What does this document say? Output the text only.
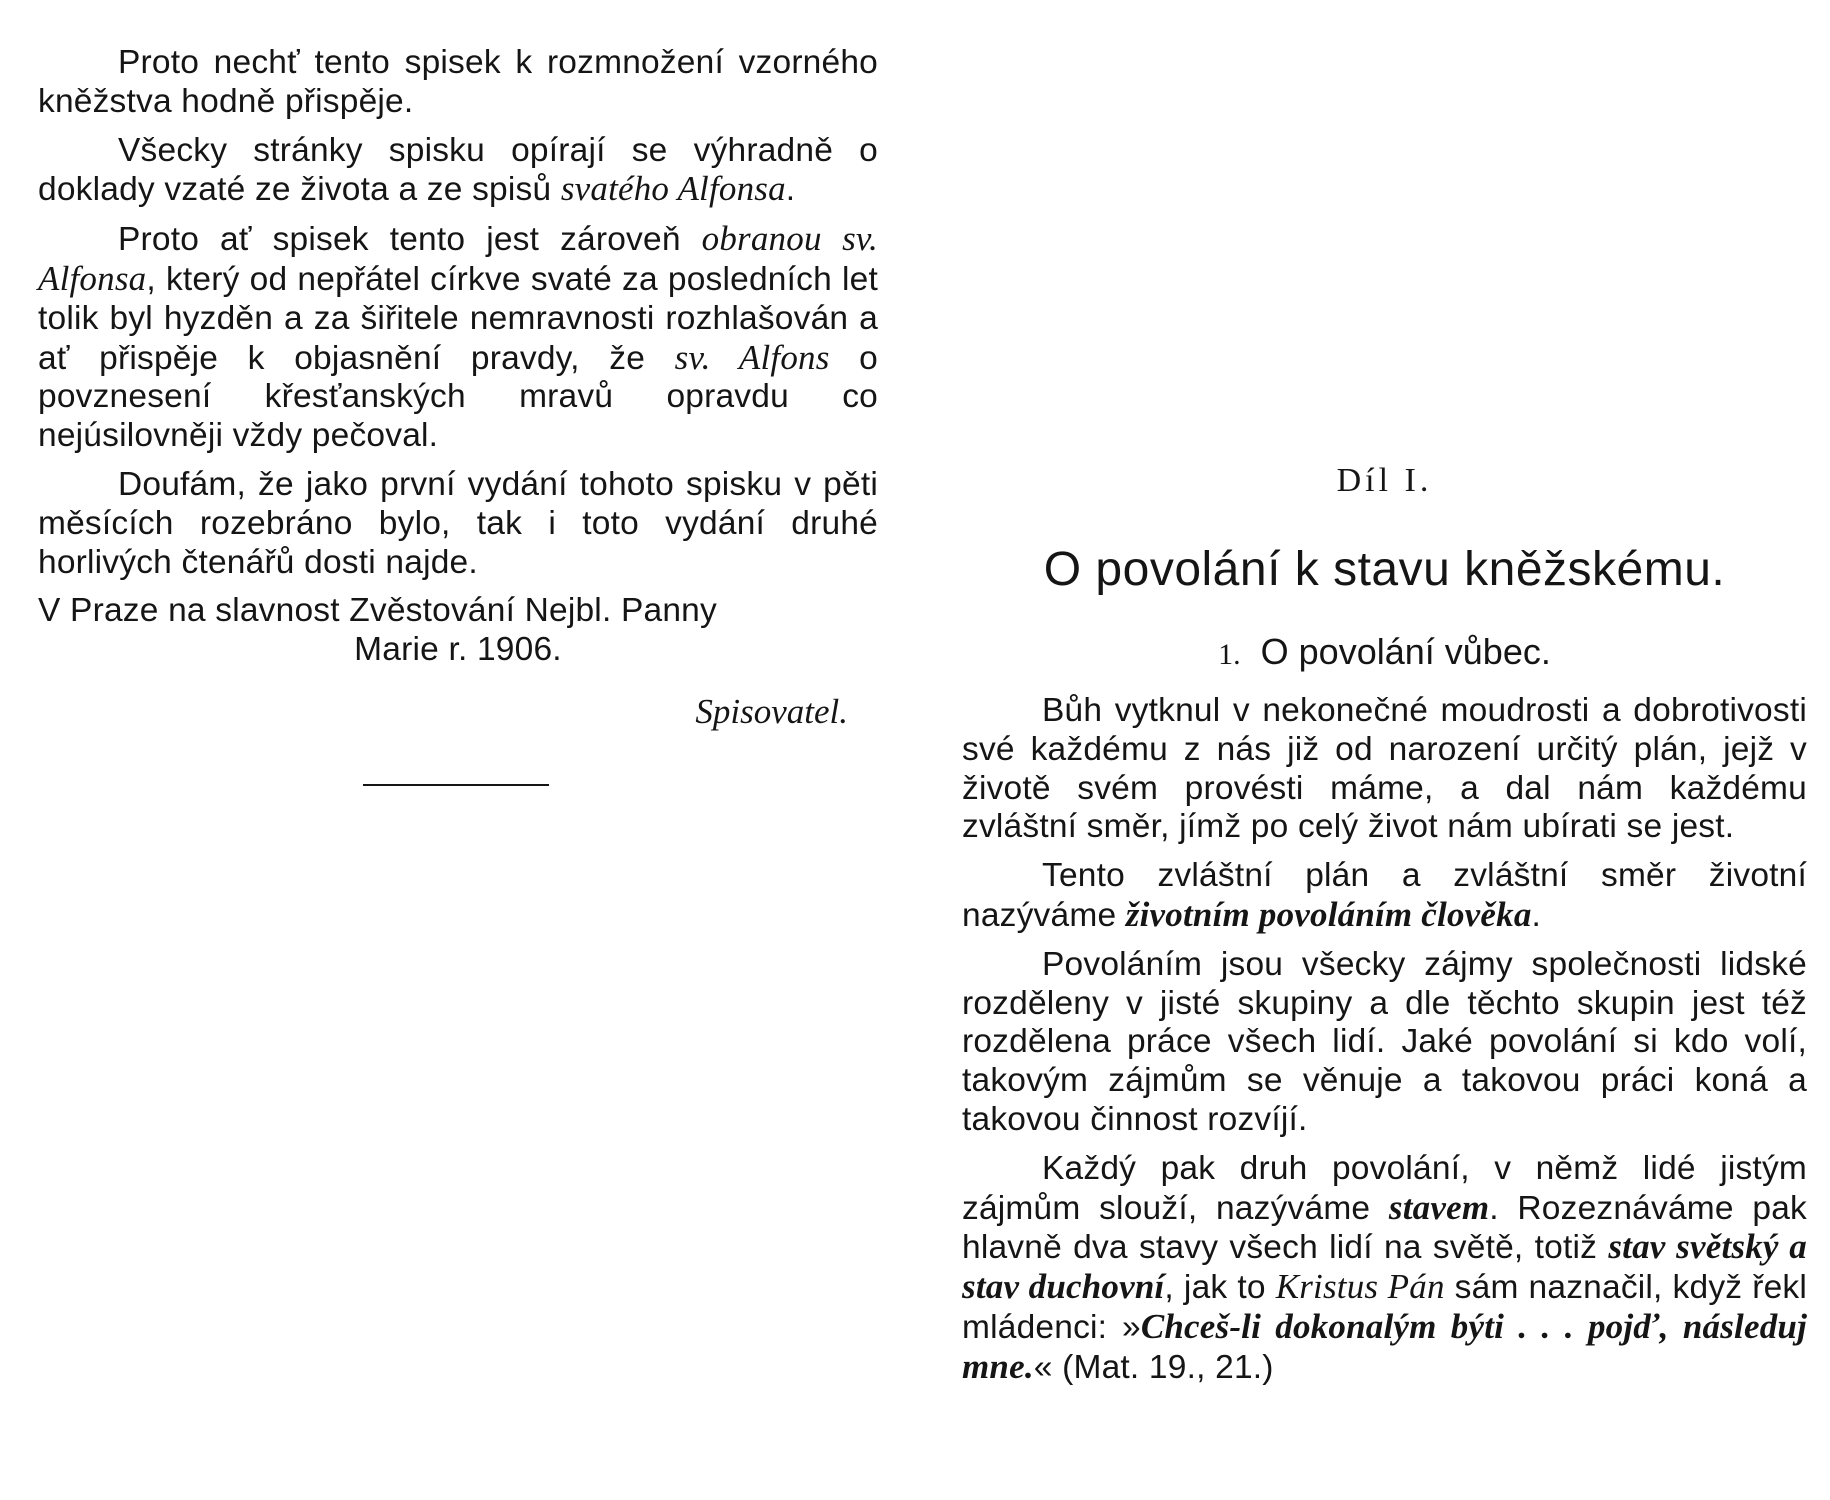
Proto nechť tento spisek k rozmnožení vzorného kněžstva hodně přispěje.

Všecky stránky spisku opírají se výhradně o doklady vzaté ze života a ze spisů svatého Alfonsa.

Proto ať spisek tento jest zároveň obranou sv. Alfonsa, který od nepřátel církve svaté za posledních let tolik byl hyzděn a za šiřitele nemravnosti rozhlašován a ať přispěje k objasnění pravdy, že sv. Alfons o povznesení křesťanských mravů opravdu co nejúsilovněji vždy pečoval.

Doufám, že jako první vydání tohoto spisku v pěti měsících rozebráno bylo, tak i toto vydání druhé horlivých čtenářů dosti najde.

V Praze na slavnost Zvěstování Nejbl. Panny
Marie r. 1906.

Spisovatel.
Díl I.
O povolání k stavu kněžskému.
1. O povolání vůbec.

Bůh vytknul v nekonečné moudrosti a dobrotivosti své každému z nás již od narození určitý plán, jejž v životě svém provésti máme, a dal nám každému zvláštní směr, jímž po celý život nám ubírati se jest.

Tento zvláštní plán a zvláštní směr životní nazýváme životním povoláním člověka.

Povoláním jsou všecky zájmy společnosti lidské rozděleny v jisté skupiny a dle těchto skupin jest též rozdělena práce všech lidí. Jaké povolání si kdo volí, takovým zájmům se věnuje a takovou práci koná a takovou činnost rozvíjí.

Každý pak druh povolání, v němž lidé jistým zájmům slouží, nazýváme stavem. Rozeznáváme pak hlavně dva stavy všech lidí na světě, totiž stav světský a stav duchovní, jak to Kristus Pán sám naznačil, když řekl mládenci: »Chceš-li dokonalým býti . . . pojď, následuj mne.« (Mat. 19., 21.)
